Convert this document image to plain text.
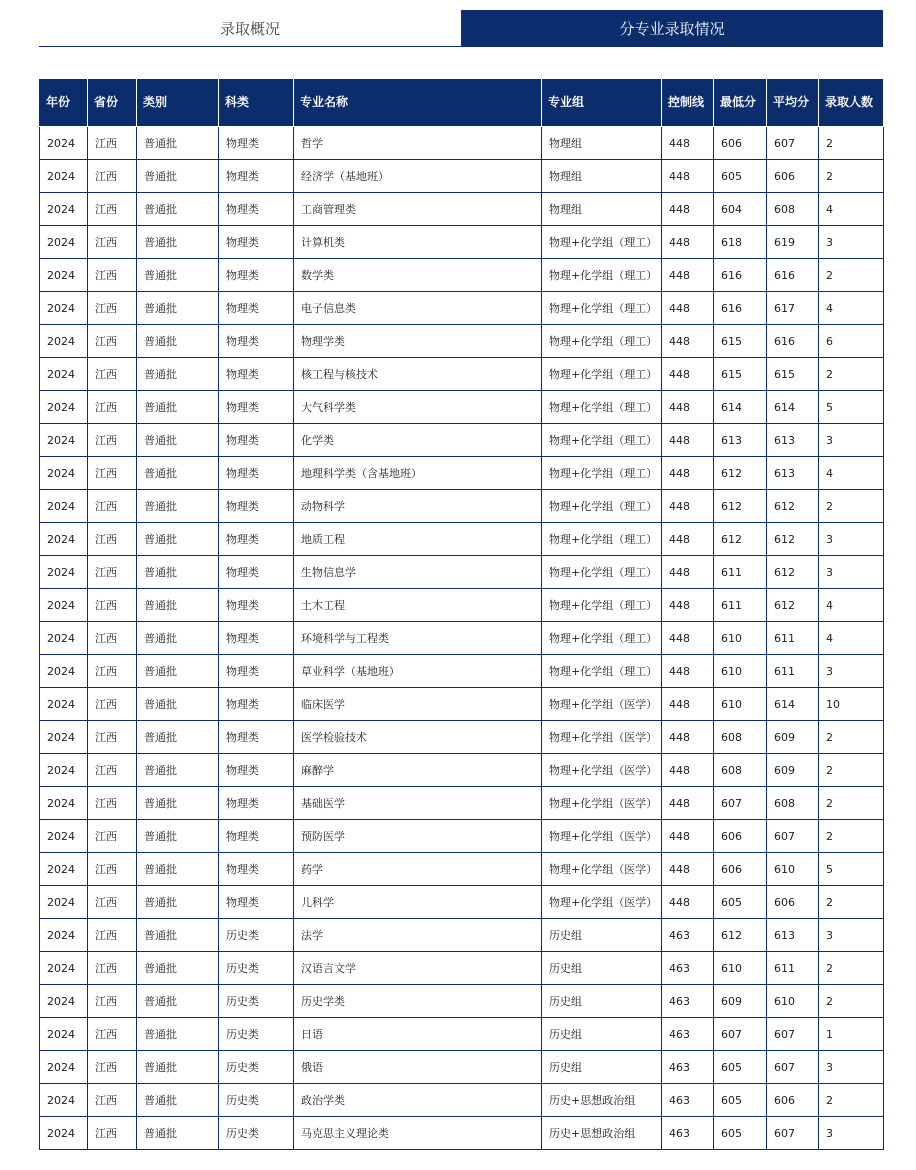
录取概况	分专业录取情况
年份	省份	类别	科类	专业名称	专业组	控制线	最低分	平均分	录取人数
2024	江西	普通批	物理类	哲学	物理组	448	606	607	2
2024	江西	普通批	物理类	经济学（基地班）	物理组	448	605	606	2
2024	江西	普通批	物理类	工商管理类	物理组	448	604	608	4
2024	江西	普通批	物理类	计算机类	物理+化学组（理工）	448	618	619	3
2024	江西	普通批	物理类	数学类	物理+化学组（理工）	448	616	616	2
2024	江西	普通批	物理类	电子信息类	物理+化学组（理工）	448	616	617	4
2024	江西	普通批	物理类	物理学类	物理+化学组（理工）	448	615	616	6
2024	江西	普通批	物理类	核工程与核技术	物理+化学组（理工）	448	615	615	2
2024	江西	普通批	物理类	大气科学类	物理+化学组（理工）	448	614	614	5
2024	江西	普通批	物理类	化学类	物理+化学组（理工）	448	613	613	3
2024	江西	普通批	物理类	地理科学类（含基地班）	物理+化学组（理工）	448	612	613	4
2024	江西	普通批	物理类	动物科学	物理+化学组（理工）	448	612	612	2
2024	江西	普通批	物理类	地质工程	物理+化学组（理工）	448	612	612	3
2024	江西	普通批	物理类	生物信息学	物理+化学组（理工）	448	611	612	3
2024	江西	普通批	物理类	土木工程	物理+化学组（理工）	448	611	612	4
2024	江西	普通批	物理类	环境科学与工程类	物理+化学组（理工）	448	610	611	4
2024	江西	普通批	物理类	草业科学（基地班）	物理+化学组（理工）	448	610	611	3
2024	江西	普通批	物理类	临床医学	物理+化学组（医学）	448	610	614	10
2024	江西	普通批	物理类	医学检验技术	物理+化学组（医学）	448	608	609	2
2024	江西	普通批	物理类	麻醉学	物理+化学组（医学）	448	608	609	2
2024	江西	普通批	物理类	基础医学	物理+化学组（医学）	448	607	608	2
2024	江西	普通批	物理类	预防医学	物理+化学组（医学）	448	606	607	2
2024	江西	普通批	物理类	药学	物理+化学组（医学）	448	606	610	5
2024	江西	普通批	物理类	儿科学	物理+化学组（医学）	448	605	606	2
2024	江西	普通批	历史类	法学	历史组	463	612	613	3
2024	江西	普通批	历史类	汉语言文学	历史组	463	610	611	2
2024	江西	普通批	历史类	历史学类	历史组	463	609	610	2
2024	江西	普通批	历史类	日语	历史组	463	607	607	1
2024	江西	普通批	历史类	俄语	历史组	463	605	607	3
2024	江西	普通批	历史类	政治学类	历史+思想政治组	463	605	606	2
2024	江西	普通批	历史类	马克思主义理论类	历史+思想政治组	463	605	607	3
